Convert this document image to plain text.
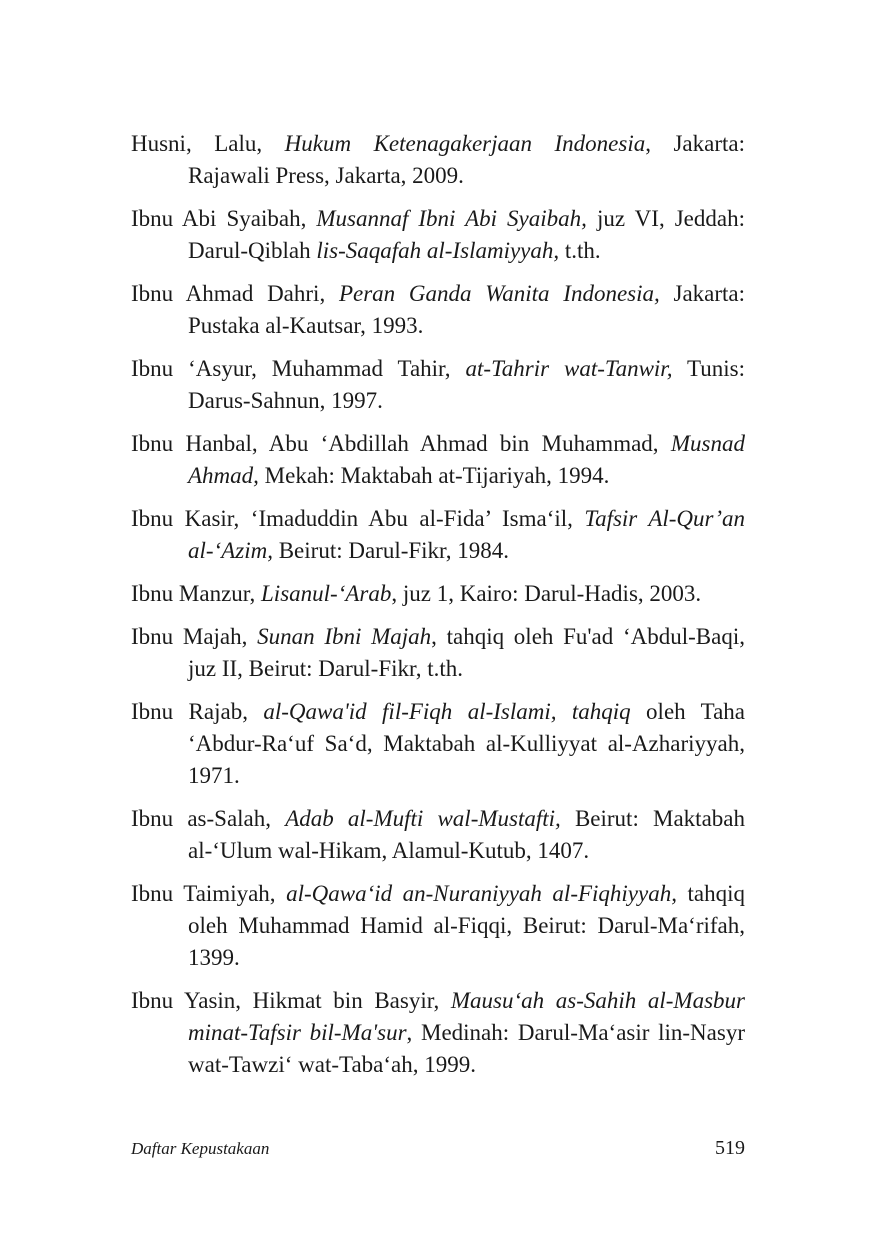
Husni, Lalu, Hukum Ketenagakerjaan Indonesia, Jakarta: Rajawali Press, Jakarta, 2009.

Ibnu Abi Syaibah, Musannaf Ibni Abi Syaibah, juz VI, Jeddah: Darul-Qiblah lis-Saqafah al-Islamiyyah, t.th.

Ibnu Ahmad Dahri, Peran Ganda Wanita Indonesia, Jakarta: Pustaka al-Kautsar, 1993.

Ibnu ‘Asyur, Muhammad Tahir, at-Tahrir wat-Tanwir, Tunis: Darus-Sahnun, 1997.

Ibnu Hanbal, Abu ‘Abdillah Ahmad bin Muhammad, Musnad Ahmad, Mekah: Maktabah at-Tijariyah, 1994.

Ibnu Kasir, ‘Imaduddin Abu al-Fida’ Isma‘il, Tafsir Al-Qur’an al-‘Azim, Beirut: Darul-Fikr, 1984.

Ibnu Manzur, Lisanul-‘Arab, juz 1, Kairo: Darul-Hadis, 2003.

Ibnu Majah, Sunan Ibni Majah, tahqiq oleh Fu'ad ‘Abdul-Baqi, juz II, Beirut: Darul-Fikr, t.th.

Ibnu Rajab, al-Qawa'id fil-Fiqh al-Islami, tahqiq oleh Taha ‘Abdur-Ra‘uf Sa‘d, Maktabah al-Kulliyyat al-Azhariyyah, 1971.

Ibnu as-Salah, Adab al-Mufti wal-Mustafti, Beirut: Maktabah al-‘Ulum wal-Hikam, Alamul-Kutub, 1407.

Ibnu Taimiyah, al-Qawa‘id an-Nuraniyyah al-Fiqhiyyah, tahqiq oleh Muhammad Hamid al-Fiqqi, Beirut: Darul-Ma‘rifah, 1399.

Ibnu Yasin, Hikmat bin Basyir, Mausu‘ah as-Sahih al-Masbur minat-Tafsir bil-Ma'sur, Medinah: Darul-Ma‘asir lin-Nasyr wat-Tawzi‘ wat-Taba‘ah, 1999.

Daftar Kepustakaan	519
